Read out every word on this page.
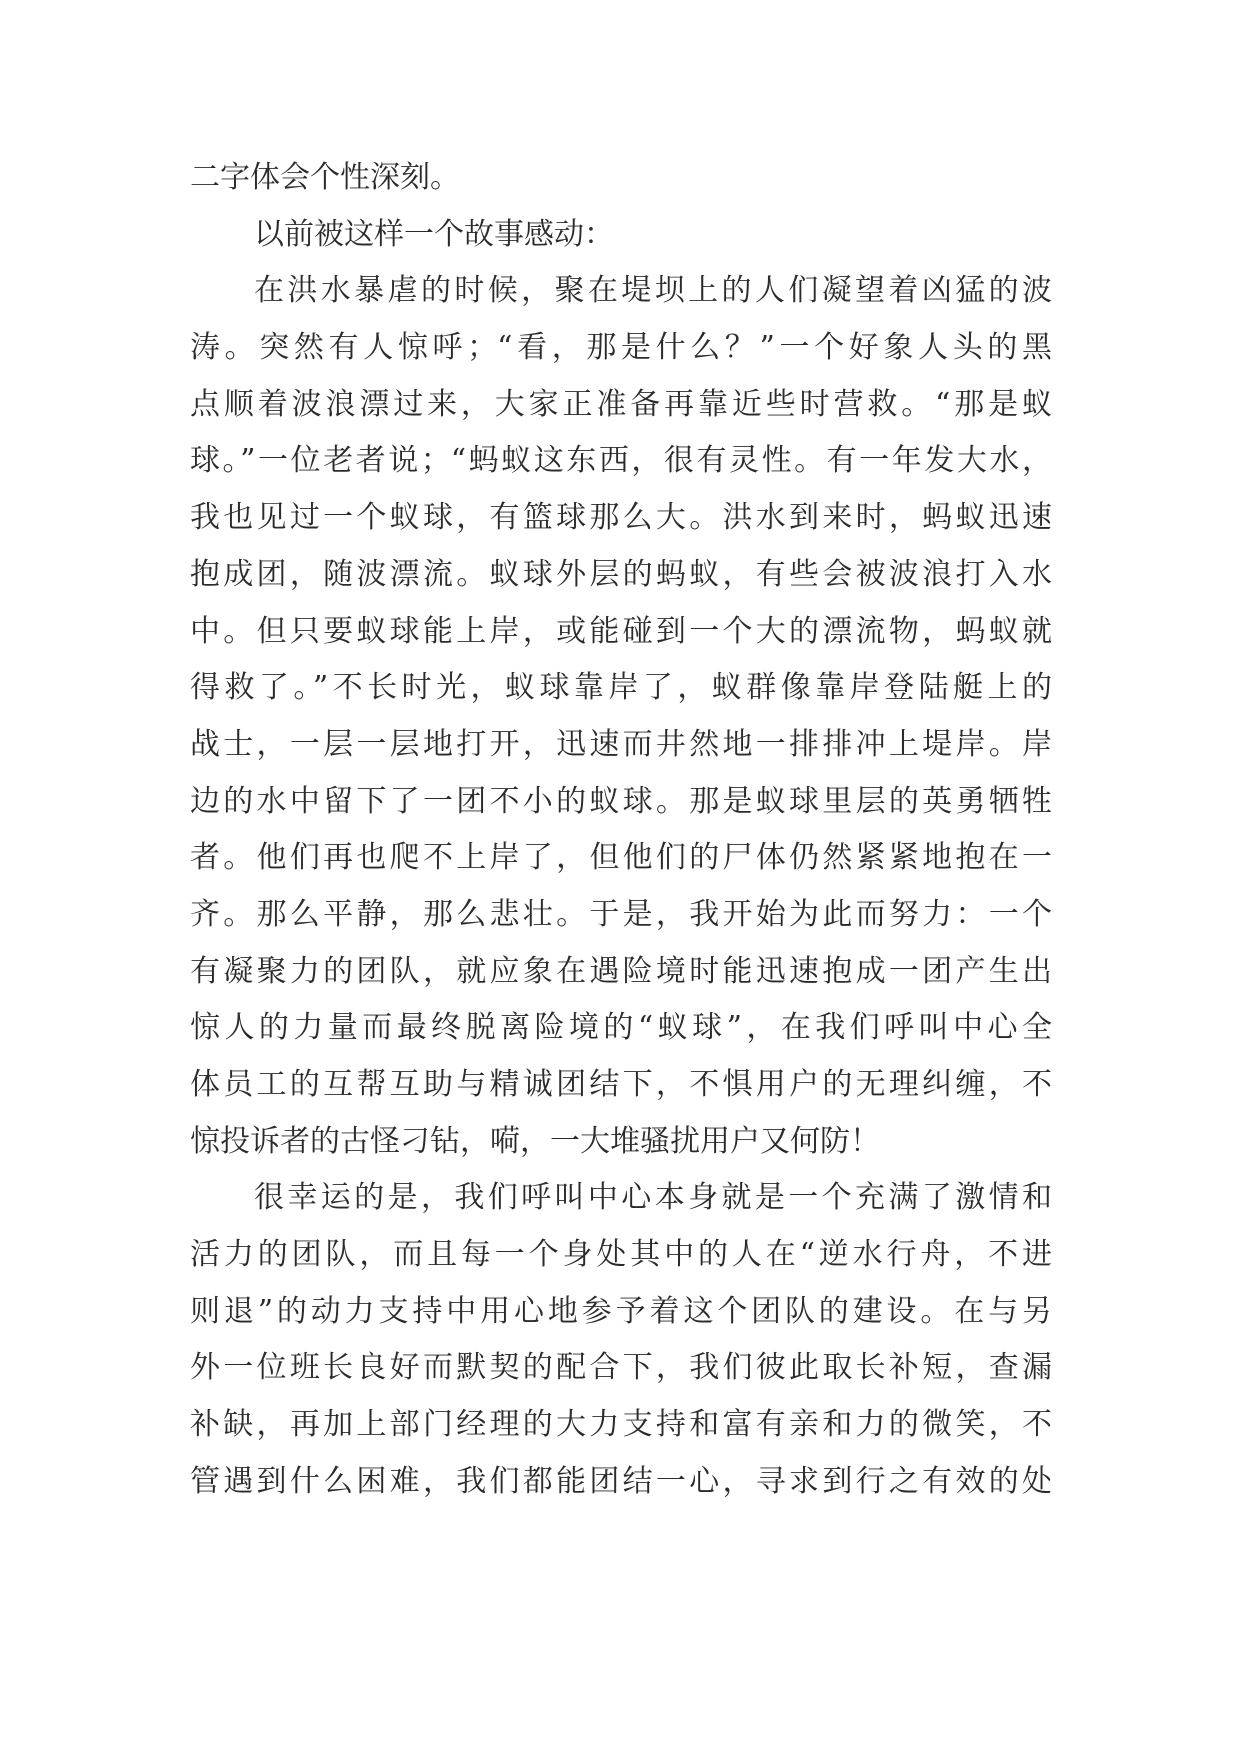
二字体会个性深刻。
以前被这样一个故事感动：
在洪水暴虐的时候，聚在堤坝上的人们凝望着凶猛的波
涛。突然有人惊呼；“看，那是什么？”一个好象人头的黑
点顺着波浪漂过来，大家正准备再靠近些时营救。“那是蚁
球。”一位老者说；“蚂蚁这东西，很有灵性。有一年发大水，
我也见过一个蚁球，有篮球那么大。洪水到来时，蚂蚁迅速
抱成团，随波漂流。蚁球外层的蚂蚁，有些会被波浪打入水
中。但只要蚁球能上岸，或能碰到一个大的漂流物，蚂蚁就
得救了。”不长时光，蚁球靠岸了，蚁群像靠岸登陆艇上的
战士，一层一层地打开，迅速而井然地一排排冲上堤岸。岸
边的水中留下了一团不小的蚁球。那是蚁球里层的英勇牺牲
者。他们再也爬不上岸了，但他们的尸体仍然紧紧地抱在一
齐。那么平静，那么悲壮。于是，我开始为此而努力：一个
有凝聚力的团队，就应象在遇险境时能迅速抱成一团产生出
惊人的力量而最终脱离险境的“蚁球”，在我们呼叫中心全
体员工的互帮互助与精诚团结下，不惧用户的无理纠缠，不
惊投诉者的古怪刁钻，嗬，一大堆骚扰用户又何防！
很幸运的是，我们呼叫中心本身就是一个充满了激情和
活力的团队，而且每一个身处其中的人在“逆水行舟，不进
则退”的动力支持中用心地参予着这个团队的建设。在与另
外一位班长良好而默契的配合下，我们彼此取长补短，查漏
补缺，再加上部门经理的大力支持和富有亲和力的微笑，不
管遇到什么困难，我们都能团结一心，寻求到行之有效的处
